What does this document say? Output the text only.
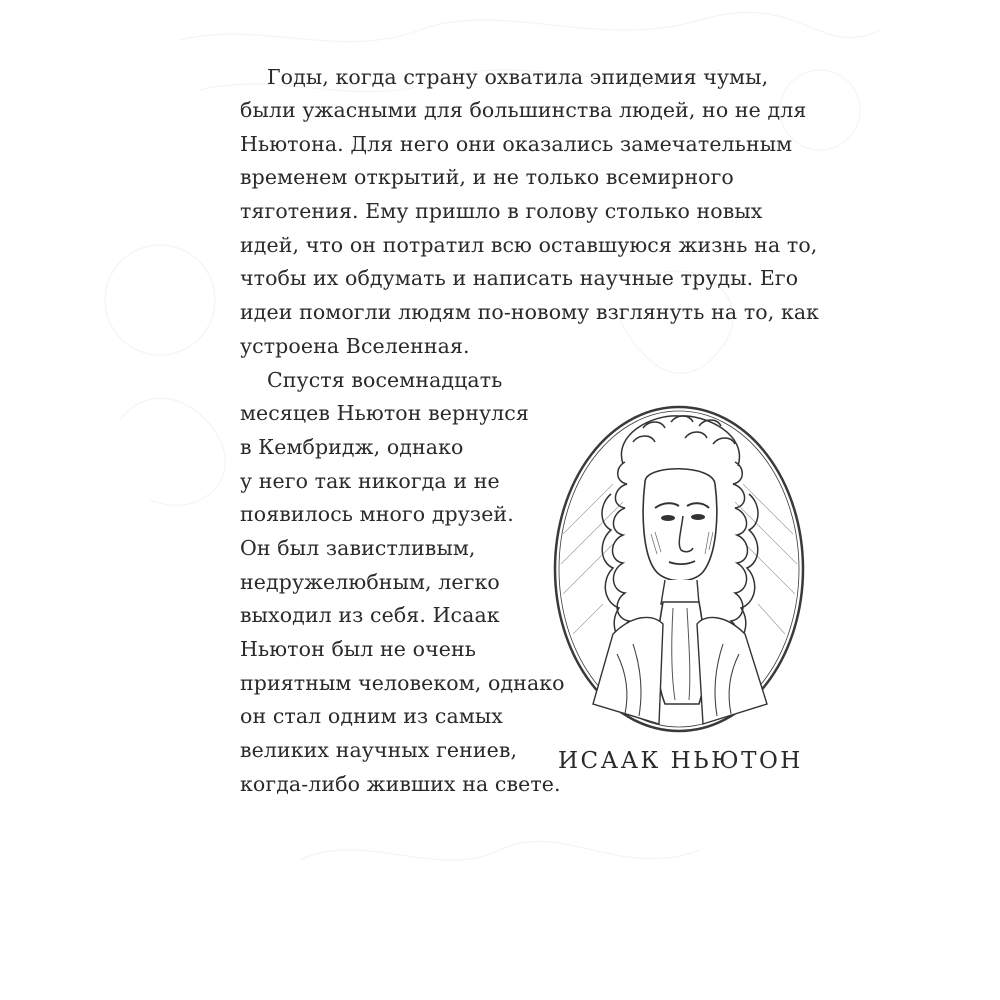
Годы, когда страну охватила эпидемия чумы,
были ужасными для большинства людей, но не для
Ньютона. Для него они оказались замечательным
временем открытий, и не только всемирного
тяготения. Ему пришло в голову столько новых
идей, что он потратил всю оставшуюся жизнь на то,
чтобы их обдумать и написать научные труды. Его
идеи помогли людям по-новому взглянуть на то, как
устроена Вселенная.
Спустя восемнадцать
месяцев Ньютон вернулся
в Кембридж, однако
у него так никогда и не
появилось много друзей.
Он был завистливым,
недружелюбным, легко
выходил из себя. Исаак
Ньютон был не очень
приятным человеком, однако
он стал одним из самых
великих научных гениев,
когда-либо живших на свете.
ИСААК НЬЮТОН
